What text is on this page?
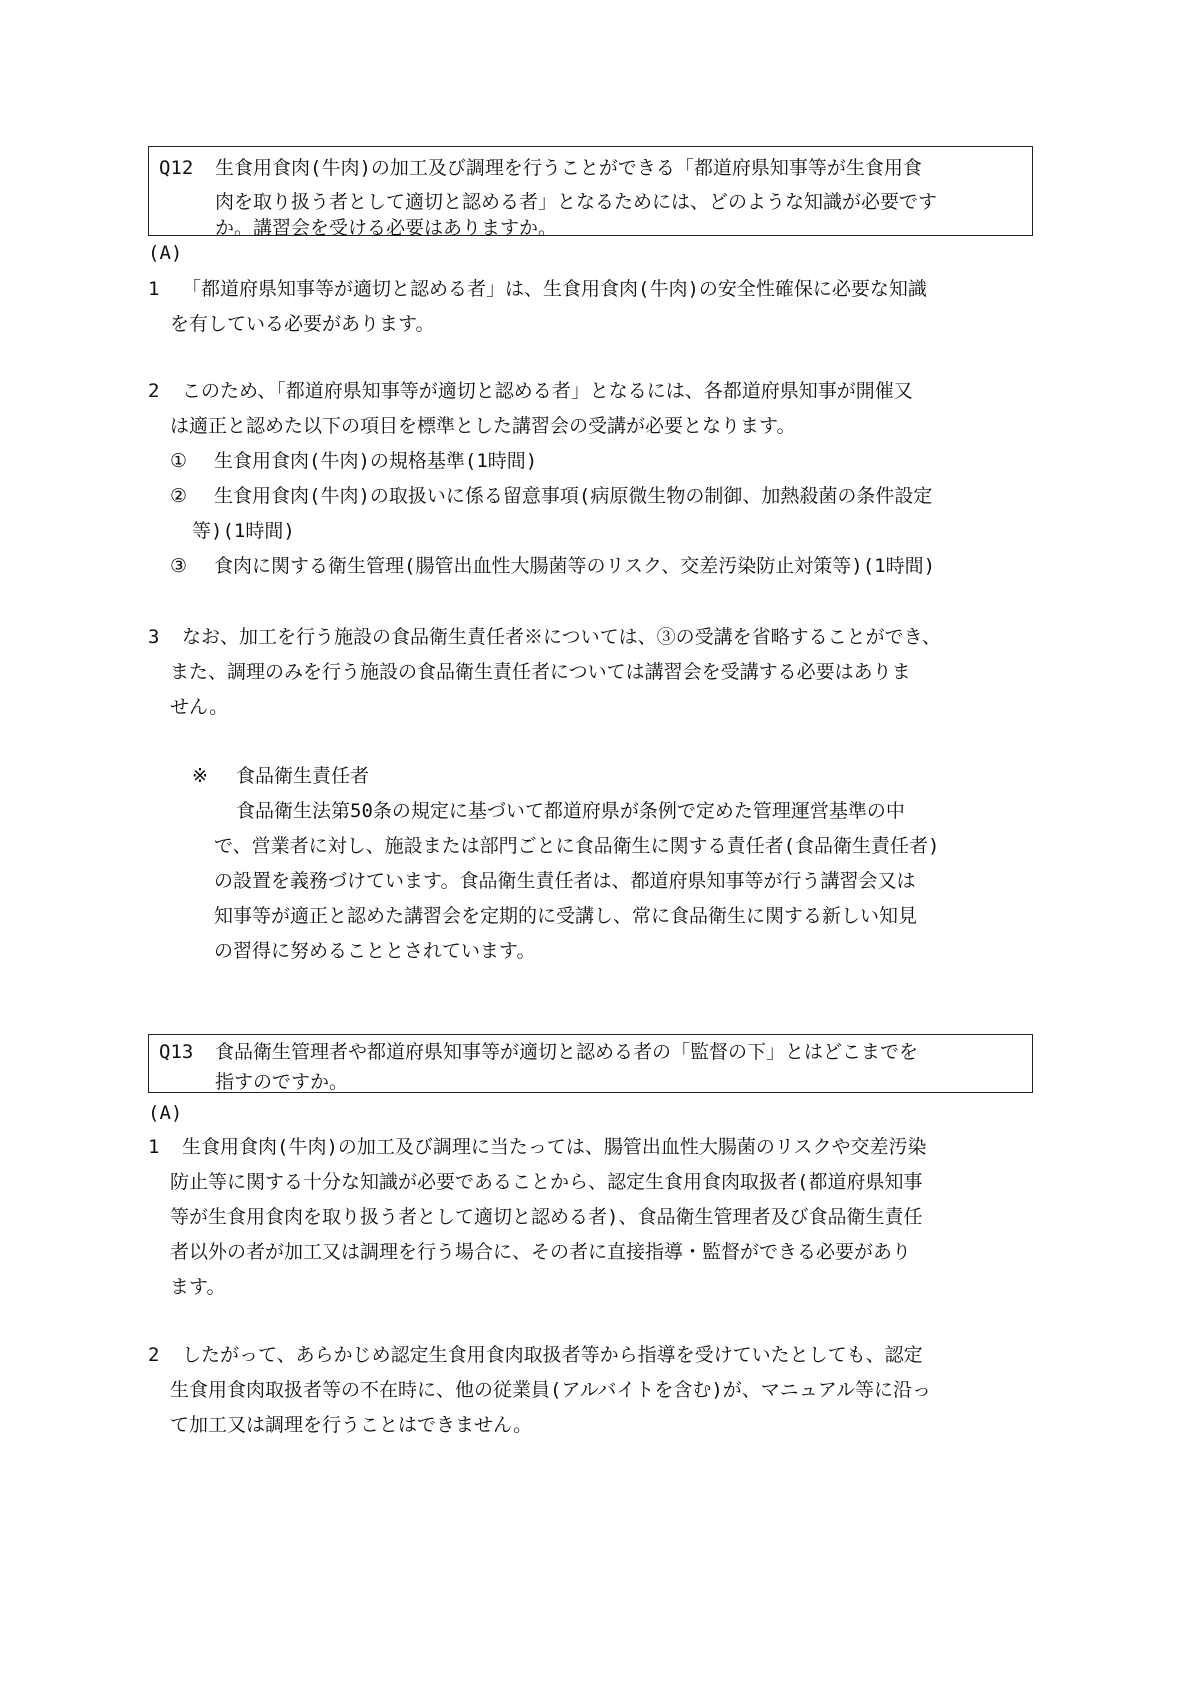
Q12 生食用食肉(牛肉)の加工及び調理を行うことができる「都道府県知事等が生食用食
肉を取り扱う者として適切と認める者」となるためには、どのような知識が必要です
か。講習会を受ける必要はありますか。
(A)

1 「都道府県知事等が適切と認める者」は、生食用食肉(牛肉)の安全性確保に必要な知識

を有している必要があります。

2 このため、「都道府県知事等が適切と認める者」となるには、各都道府県知事が開催又

は適正と認めた以下の項目を標準とした講習会の受講が必要となります。

① 生食用食肉(牛肉)の規格基準(1時間)

② 生食用食肉(牛肉)の取扱いに係る留意事項(病原微生物の制御、加熱殺菌の条件設定

等)(1時間)

③ 食肉に関する衛生管理(腸管出血性大腸菌等のリスク、交差汚染防止対策等)(1時間)

3 なお、加工を行う施設の食品衛生責任者※については、③の受講を省略することができ、

また、調理のみを行う施設の食品衛生責任者については講習会を受講する必要はありま

せん。

※ 食品衛生責任者

食品衛生法第50条の規定に基づいて都道府県が条例で定めた管理運営基準の中

で、営業者に対し、施設または部門ごとに食品衛生に関する責任者(食品衛生責任者)

の設置を義務づけています。食品衛生責任者は、都道府県知事等が行う講習会又は

知事等が適正と認めた講習会を定期的に受講し、常に食品衛生に関する新しい知見

の習得に努めることとされています。

Q13 食品衛生管理者や都道府県知事等が適切と認める者の「監督の下」とはどこまでを
指すのですか。
(A)

1 生食用食肉(牛肉)の加工及び調理に当たっては、腸管出血性大腸菌のリスクや交差汚染

防止等に関する十分な知識が必要であることから、認定生食用食肉取扱者(都道府県知事

等が生食用食肉を取り扱う者として適切と認める者)、食品衛生管理者及び食品衛生責任

者以外の者が加工又は調理を行う場合に、その者に直接指導・監督ができる必要があり

ます。

2 したがって、あらかじめ認定生食用食肉取扱者等から指導を受けていたとしても、認定

生食用食肉取扱者等の不在時に、他の従業員(アルバイトを含む)が、マニュアル等に沿っ

て加工又は調理を行うことはできません。
